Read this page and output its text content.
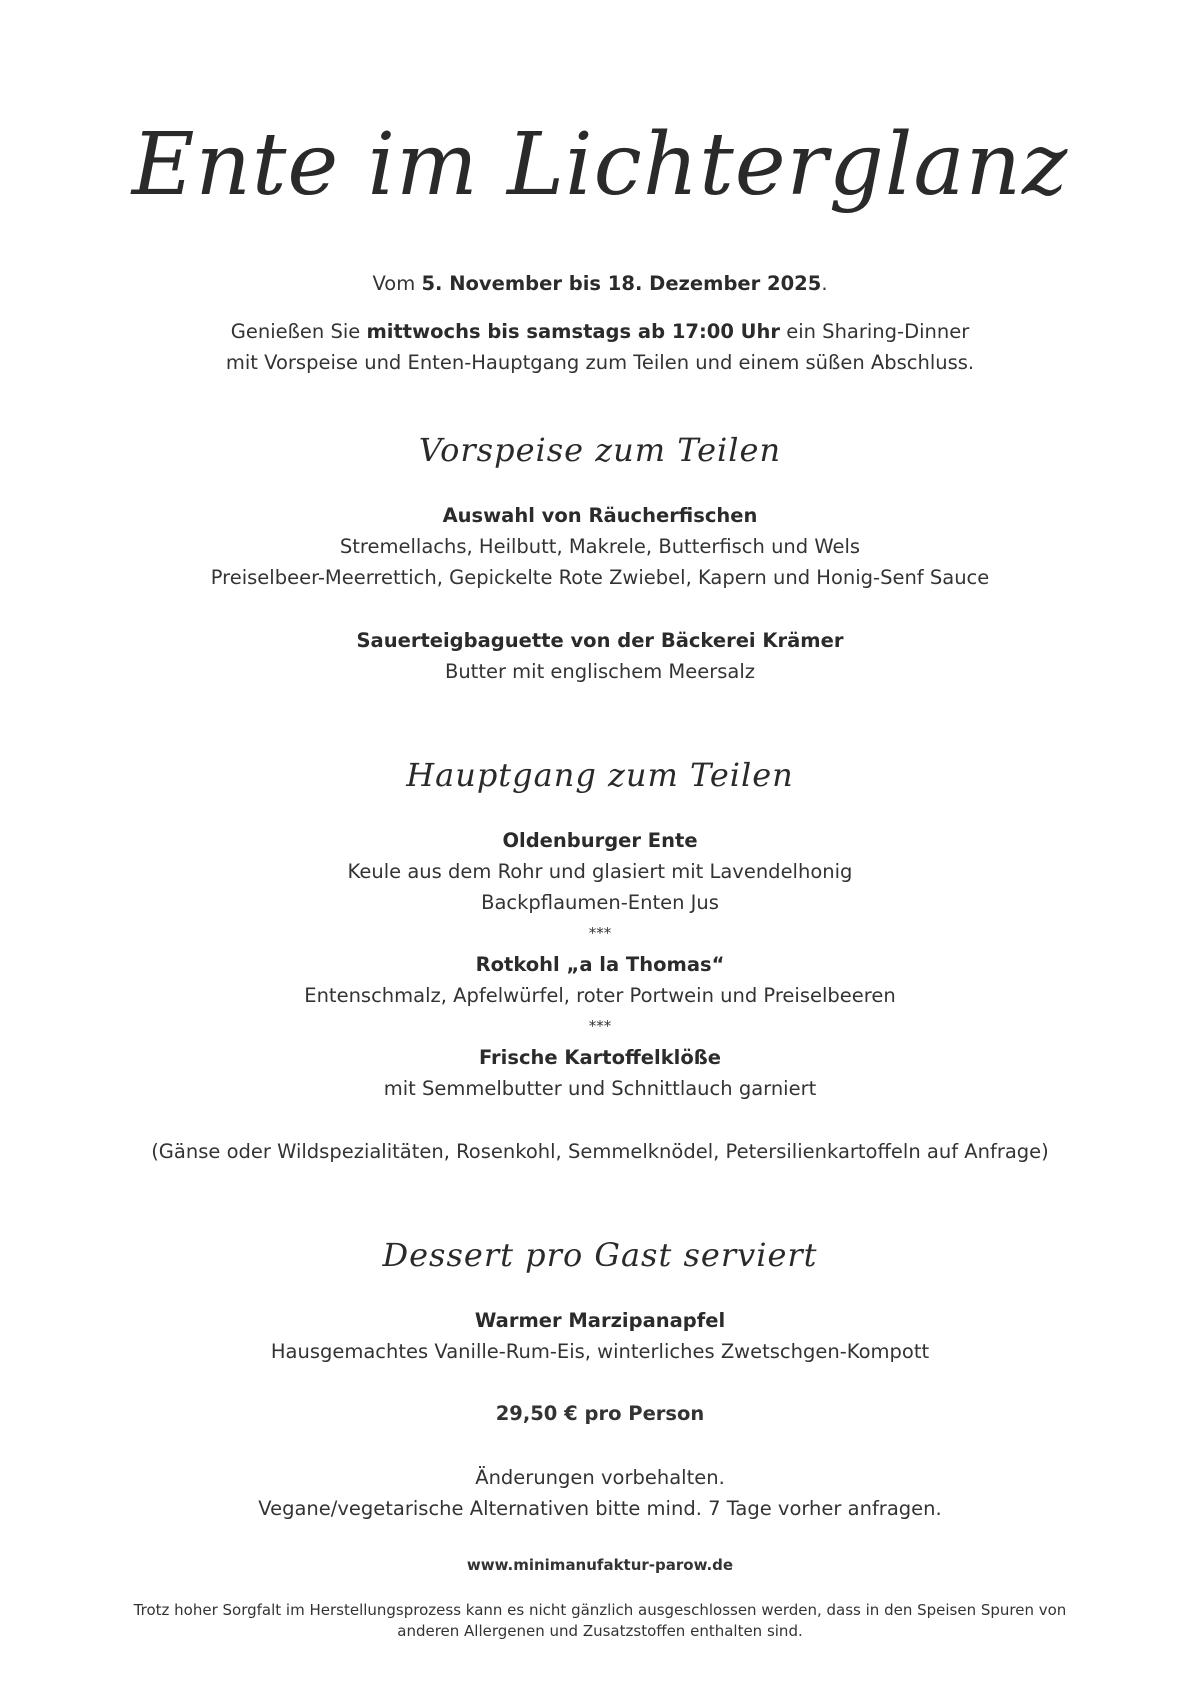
Ente im Lichterglanz
Vom 5. November bis 18. Dezember 2025.
Genießen Sie mittwochs bis samstags ab 17:00 Uhr ein Sharing-Dinner
mit Vorspeise und Enten-Hauptgang zum Teilen und einem süßen Abschluss.
Vorspeise zum Teilen
Auswahl von Räucherfischen
Stremellachs, Heilbutt, Makrele, Butterfisch und Wels
Preiselbeer-Meerrettich, Gepickelte Rote Zwiebel, Kapern und Honig-Senf Sauce
Sauerteigbaguette von der Bäckerei Krämer
Butter mit englischem Meersalz
Hauptgang zum Teilen
Oldenburger Ente
Keule aus dem Rohr und glasiert mit Lavendelhonig
Backpflaumen-Enten Jus
***
Rotkohl „a la Thomas“
Entenschmalz, Apfelwürfel, roter Portwein und Preiselbeeren
***
Frische Kartoffelklöße
mit Semmelbutter und Schnittlauch garniert
(Gänse oder Wildspezialitäten, Rosenkohl, Semmelknödel, Petersilienkartoffeln auf Anfrage)
Dessert pro Gast serviert
Warmer Marzipanapfel
Hausgemachtes Vanille-Rum-Eis, winterliches Zwetschgen-Kompott
29,50 € pro Person
Änderungen vorbehalten.
Vegane/vegetarische Alternativen bitte mind. 7 Tage vorher anfragen.
www.minimanufaktur-parow.de
Trotz hoher Sorgfalt im Herstellungsprozess kann es nicht gänzlich ausgeschlossen werden, dass in den Speisen Spuren von
anderen Allergenen und Zusatzstoffen enthalten sind.
